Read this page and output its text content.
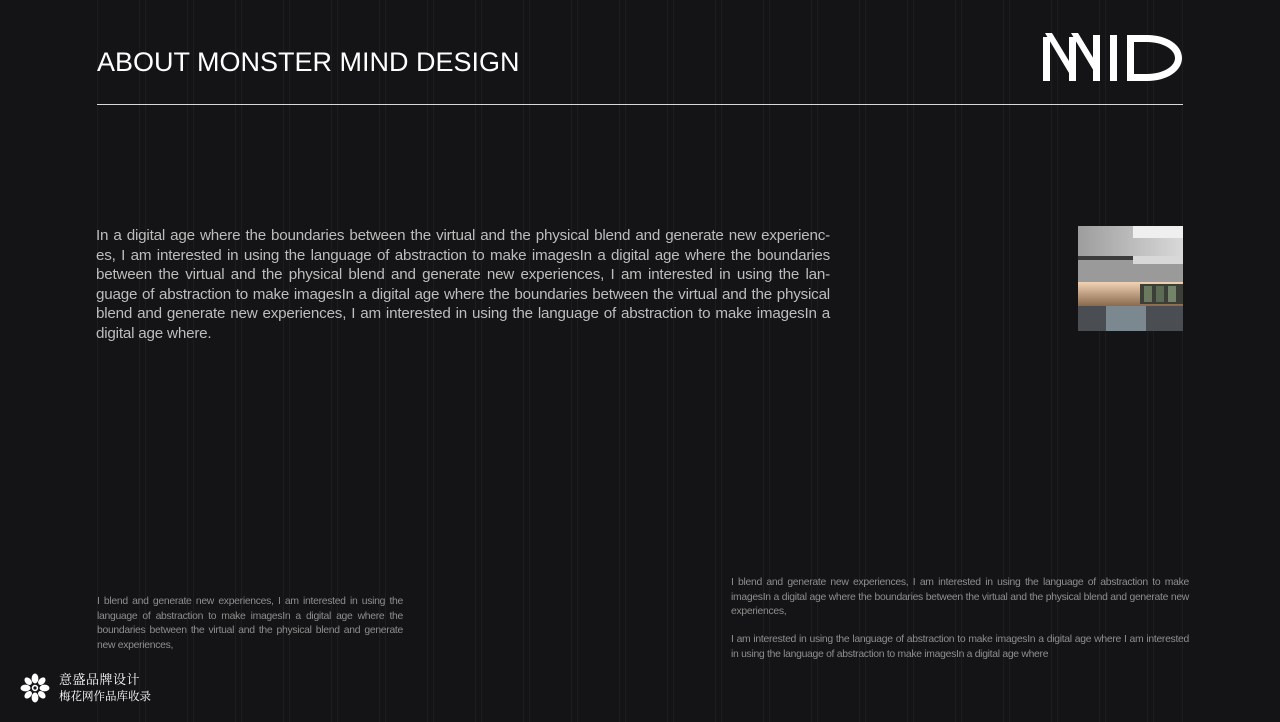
ABOUT MONSTER MIND DESIGN
In a digital age where the boundaries between the virtual and the physical blend and generate new experienc-es, I am interested in using the language of abstraction to make imagesIn a digital age where the boundaries between the virtual and the physical blend and generate new experiences, I am interested in using the lan-guage of abstraction to make imagesIn a digital age where the boundaries between the virtual and the physical blend and generate new experiences, I am interested in using the language of abstraction to make imagesIn a digital age where.
I blend and generate new experiences, I am interested in using the language of abstraction to make imagesIn a digital age where the boundaries between the virtual and the physical blend and generate new experiences,

I blend and generate new experiences, I am interested in using the language of abstraction to make imagesIn a digital age where the boundaries between the virtual and the physical blend and generate new experiences,

I am interested in using the language of abstraction to make imagesIn a digital age where I am interested in using the language of abstraction to make imagesIn a digital age where

意盛品牌设计
梅花网作品库收录
